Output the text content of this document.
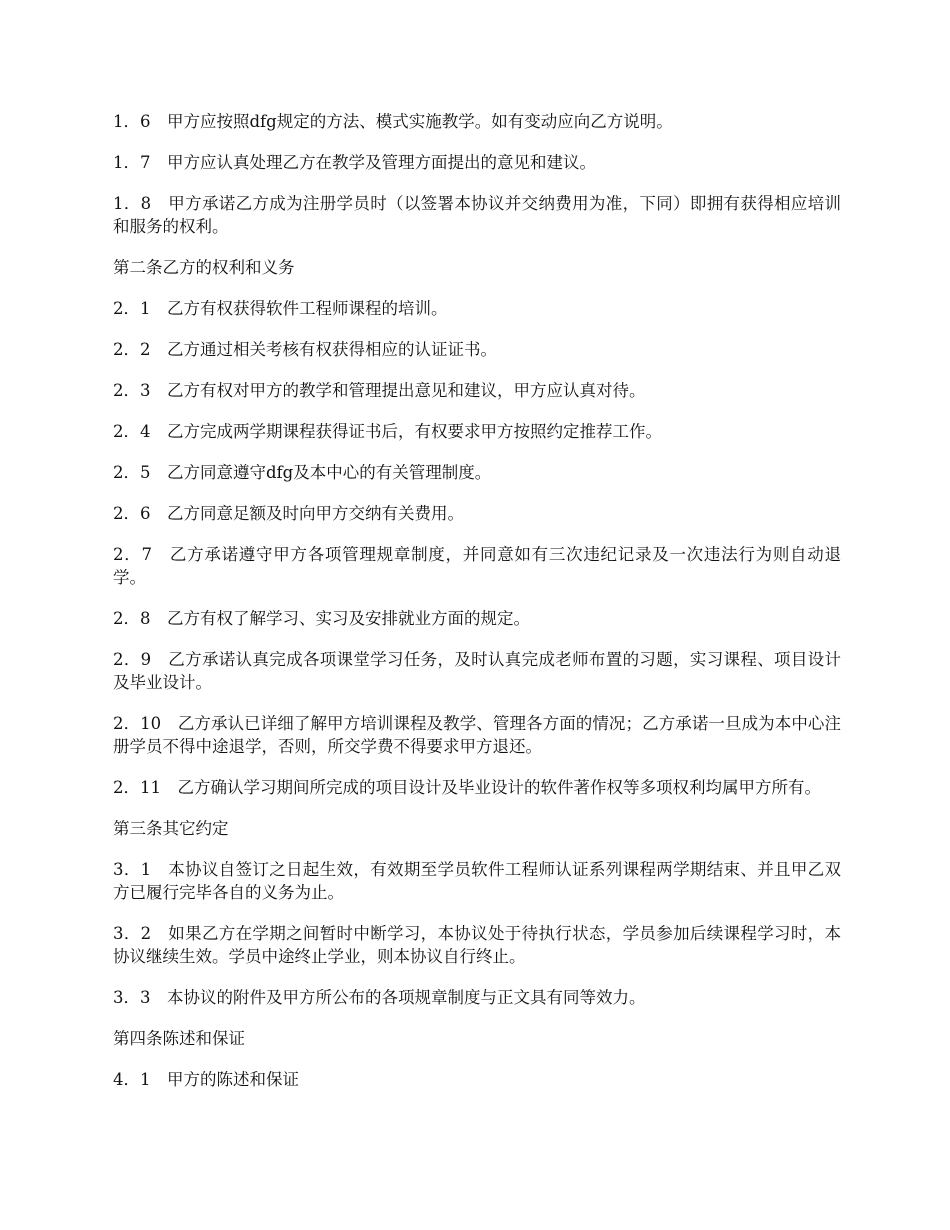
1．6　甲方应按照dfg规定的方法、模式实施教学。如有变动应向乙方说明。

1．7　甲方应认真处理乙方在教学及管理方面提出的意见和建议。

1．8　甲方承诺乙方成为注册学员时（以签署本协议并交纳费用为准，下同）即拥有获得相应培训和服务的权利。

第二条乙方的权利和义务

2．1　乙方有权获得软件工程师课程的培训。

2．2　乙方通过相关考核有权获得相应的认证证书。

2．3　乙方有权对甲方的教学和管理提出意见和建议，甲方应认真对待。

2．4　乙方完成两学期课程获得证书后，有权要求甲方按照约定推荐工作。

2．5　乙方同意遵守dfg及本中心的有关管理制度。

2．6　乙方同意足额及时向甲方交纳有关费用。

2．7　乙方承诺遵守甲方各项管理规章制度，并同意如有三次违纪记录及一次违法行为则自动退学。

2．8　乙方有权了解学习、实习及安排就业方面的规定。

2．9　乙方承诺认真完成各项课堂学习任务，及时认真完成老师布置的习题，实习课程、项目设计及毕业设计。

2．10　乙方承认已详细了解甲方培训课程及教学、管理各方面的情况；乙方承诺一旦成为本中心注册学员不得中途退学，否则，所交学费不得要求甲方退还。

2．11　乙方确认学习期间所完成的项目设计及毕业设计的软件著作权等多项权利均属甲方所有。

第三条其它约定

3．1　本协议自签订之日起生效，有效期至学员软件工程师认证系列课程两学期结束、并且甲乙双方已履行完毕各自的义务为止。

3．2　如果乙方在学期之间暂时中断学习，本协议处于待执行状态，学员参加后续课程学习时，本协议继续生效。学员中途终止学业，则本协议自行终止。

3．3　本协议的附件及甲方所公布的各项规章制度与正文具有同等效力。

第四条陈述和保证

4．1　甲方的陈述和保证
